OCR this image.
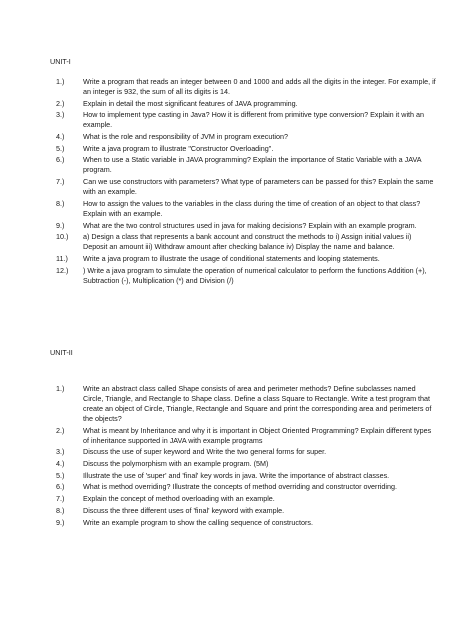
UNIT-I
1.)	Write a program that reads an integer between 0 and 1000 and adds all the digits in the integer. For example, if an integer is 932, the sum of all its digits is 14.
2.)	Explain in detail the most significant features of JAVA programming.
3.)	How to implement type casting in Java? How it is different from primitive type conversion? Explain it with an example.
4.)	What is the role and responsibility of JVM in program execution?
5.)	Write a java program to illustrate "Constructor Overloading".
6.)	When to use a Static variable in JAVA programming? Explain the importance of Static Variable with a JAVA program.
7.)	Can we use constructors with parameters? What type of parameters can be passed for this? Explain the same with an example.
8.)	How to assign the values to the variables in the class during the time of creation of an object to that class? Explain with an example.
9.)	What are the two control structures used in java for making decisions? Explain with an example program.
10.)	a) Design a class that represents a bank account and construct the methods to i) Assign initial values ii) Deposit an amount iii) Withdraw amount after checking balance iv) Display the name and balance.
11.)	Write a java program to illustrate the usage of conditional statements and looping statements.
12.)	) Write a java program to simulate the operation of numerical calculator to perform the functions Addition (+), Subtraction (-), Multiplication (*) and Division (/)
UNIT-II
1.)	Write an abstract class called Shape consists of area and perimeter methods? Define subclasses named Circle, Triangle, and Rectangle to Shape class. Define a class Square to Rectangle. Write a test program that create an object of Circle, Triangle, Rectangle and Square and print the corresponding area and perimeters of the objects?
2.)	What is meant by Inheritance and why it is important in Object Oriented Programming? Explain different types of inheritance supported in JAVA with example programs
3.)	Discuss the use of super keyword and Write the two general forms for super.
4.)	Discuss the polymorphism with an example program. (5M)
5.)	Illustrate the use of 'super' and 'final' key words in java. Write the importance of abstract classes.
6.)	What is method overriding? Illustrate the concepts of method overriding and constructor overriding.
7.)	Explain the concept of method overloading with an example.
8.)	Discuss the three different uses of 'final' keyword with example.
9.)	Write an example program to show the calling sequence of constructors.
